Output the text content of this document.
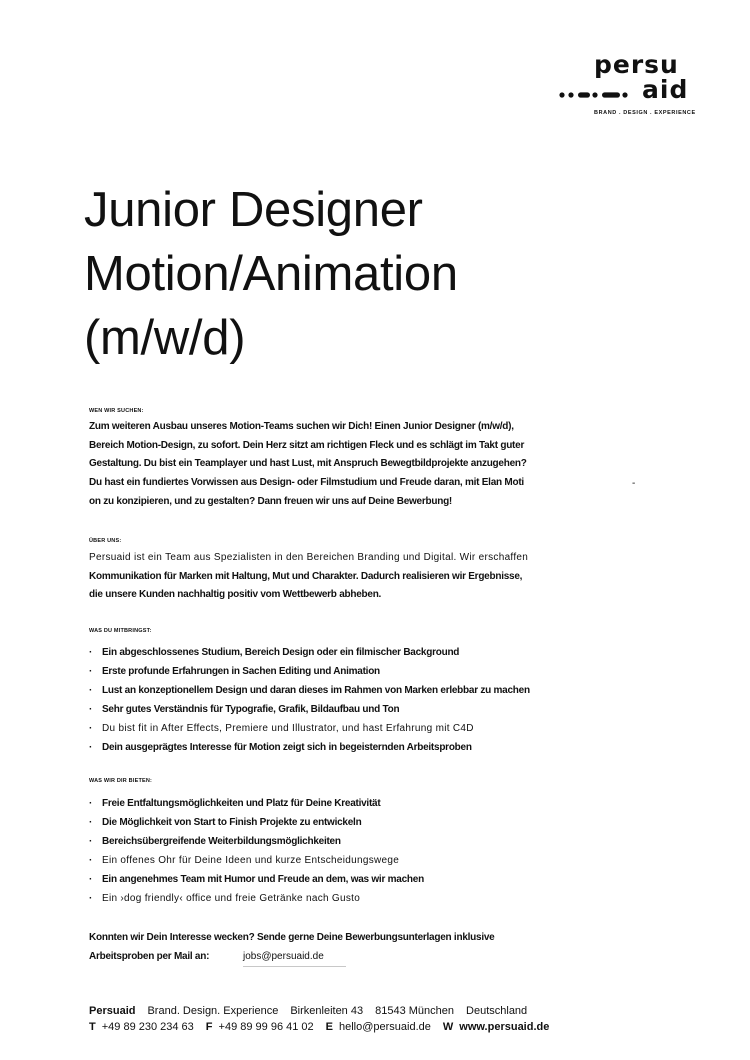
persu
aid
BRAND . DESIGN . EXPERIENCE
Junior Designer
Motion/Animation
(m/w/d)
WEN WIR SUCHEN:
Zum weiteren Ausbau unseres Motion-Teams suchen wir Dich! Einen Junior Designer (m/w/d),
Bereich Motion-Design, zu sofort. Dein Herz sitzt am richtigen Fleck und es schlägt im Takt guter
Gestaltung. Du bist ein Teamplayer und hast Lust, mit Anspruch Bewegtbildprojekte anzugehen?
Du hast ein fundiertes Vorwissen aus Design- oder Filmstudium und Freude daran, mit Elan Moti
on zu konzipieren, und zu gestalten? Dann freuen wir uns auf Deine Bewerbung!
-
ÜBER UNS:
Persuaid ist ein Team aus Spezialisten in den Bereichen Branding und Digital. Wir erschaffen
Kommunikation für Marken mit Haltung, Mut und Charakter. Dadurch realisieren wir Ergebnisse,
die unsere Kunden nachhaltig positiv vom Wettbewerb abheben.
WAS DU MITBRINGST:
· Ein abgeschlossenes Studium, Bereich Design oder ein filmischer Background
· Erste profunde Erfahrungen in Sachen Editing und Animation
· Lust an konzeptionellem Design und daran dieses im Rahmen von Marken erlebbar zu machen
· Sehr gutes Verständnis für Typografie, Grafik, Bildaufbau und Ton
· Du bist fit in After Effects, Premiere und Illustrator, und hast Erfahrung mit C4D
· Dein ausgeprägtes Interesse für Motion zeigt sich in begeisternden Arbeitsproben
WAS WIR DIR BIETEN:
· Freie Entfaltungsmöglichkeiten und Platz für Deine Kreativität
· Die Möglichkeit von Start to Finish Projekte zu entwickeln
· Bereichsübergreifende Weiterbildungsmöglichkeiten
· Ein offenes Ohr für Deine Ideen und kurze Entscheidungswege
· Ein angenehmes Team mit Humor und Freude an dem, was wir machen
· Ein ›dog friendly‹ office und freie Getränke nach Gusto
Konnten wir Dein Interesse wecken? Sende gerne Deine Bewerbungsunterlagen inklusive
Arbeitsproben per Mail an:	jobs@persuaid.de
Persuaid Brand. Design. Experience Birkenleiten 43 81543 München Deutschland
T +49 89 230 234 63 F +49 89 99 96 41 02 E hello@persuaid.de W www.persuaid.de
